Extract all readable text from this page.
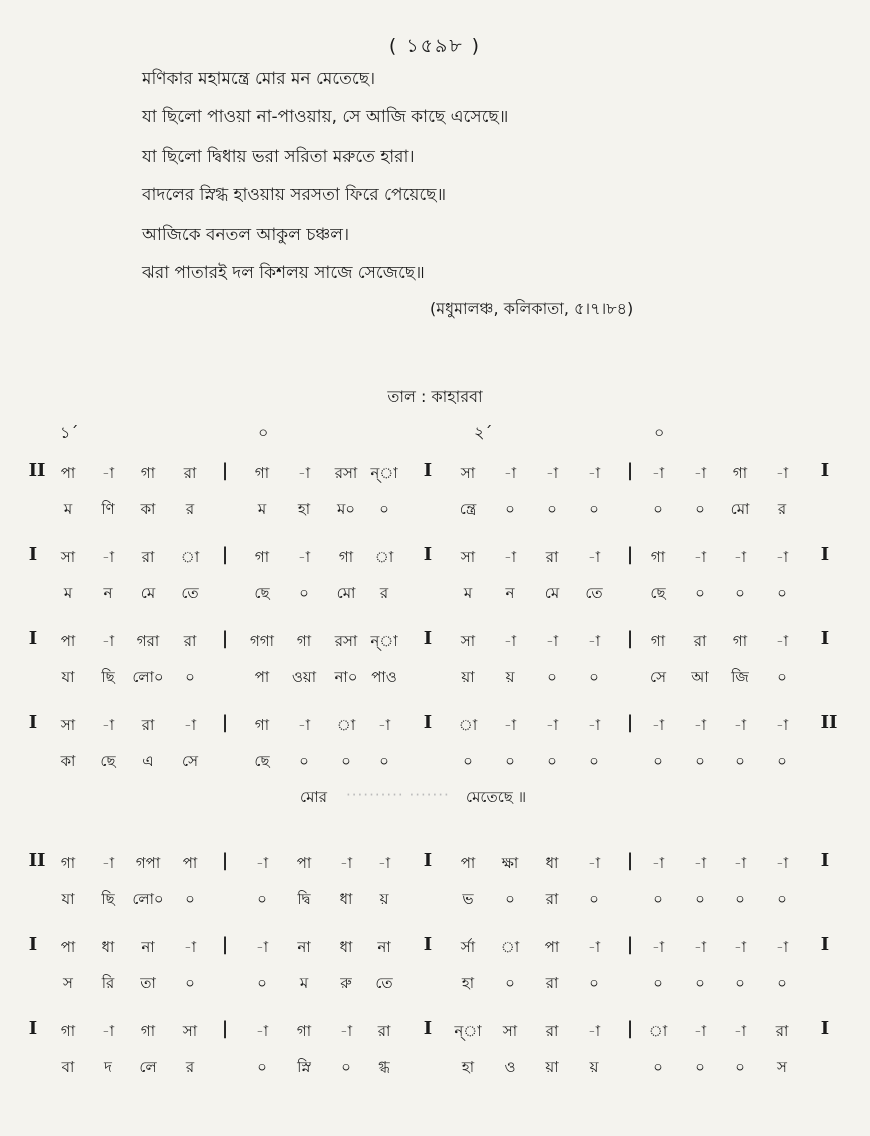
( ১৫৯৮ )
মণিকার মহামন্ত্রে মোর মন মেতেছে।
যা ছিলো পাওয়া না-পাওয়ায়, সে আজি কাছে এসেছে॥
যা ছিলো দ্বিধায় ভরা সরিতা মরুতে হারা।
বাদলের স্নিগ্ধ হাওয়ায় সরসতা ফিরে পেয়েছে॥
আজিকে বনতল আকুল চঞ্চল।
ঝরা পাতারই দল কিশলয় সাজে সেজেছে॥
(মধুমালঞ্চ, কলিকাতা, ৫।৭।৮৪)
তাল : কাহারবা
১´	০	২´	০
II	পা	-া	গা	রা	|	গা	-া	রসা ন্‌া	I	সা	-া	-া	-া	|	-া	-া	গা	-া	I
ম	ণি	কা	র	ম	হা	ম০	০	ন্ত্রে	০	০	০	০	০	মো	র
I	সা	-া	রা	া	|	গা	-া	গা	া	I	সা	-া	রা	-া	|	গা	-া	-া	-া	I
ম	ন	মে	তে	ছে	০	মো	র	ম	ন	মে	তে	ছে	০	০	০
I	পা	-া	গরা	রা	|	গগা	গা	রসা ন্‌া	I	সা	-া	-া	-া	|	গা	রা	গা	-া	I
যা	ছি	লো০	০	পা	ওয়া	না০ পাও	য়া	য়	০	০	সে	আ	জি	০
I	সা	-া	রা	-া	|	গা	-া	া	-া	I	া	-া	-া	-া	|	-া	-া	-া	-া	II
কা	ছে	এ	সে	ছে	০	০	০	০	০	০	০	০	০	০	০
মোর ·········· ······· মেতেছে ॥
II	গা	-া	গপা	পা	|	-া	পা	-া	-া	I	পা	ক্ষা	ধা	-া	|	-া	-া	-া	-া	I
যা	ছি	লো০	০	০	দ্বি	ধা	য়	ভ	০	রা	০	০	০	০	০
I	পা	ধা	না	-া	|	-া	না	ধা	না	I	র্সা	া	পা	-া	|	-া	-া	-া	-া	I
স	রি	তা	০	০	ম	রু	তে	হা	০	রা	০	০	০	০	০
I	গা	-া	গা	সা	|	-া	গা	-া	রা	I	ন্‌া	সা	রা	-া	|	া	-া	-া	রা	I
বা	দ	লে	র	০	স্নি	০	গ্ধ	হা	ও	য়া	য়	০	০	০	স
